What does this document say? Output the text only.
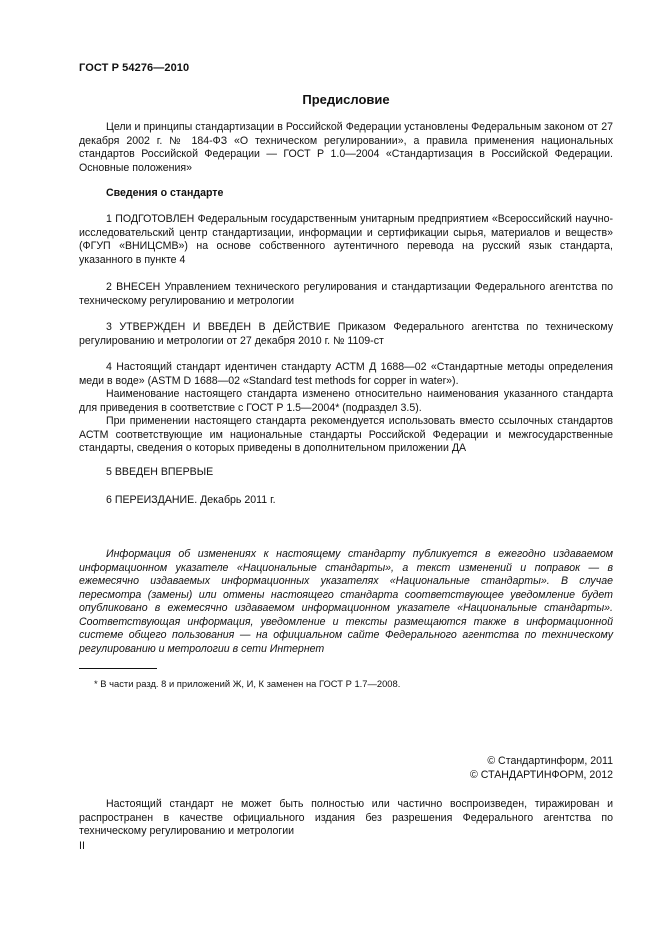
ГОСТ Р 54276—2010
Предисловие

Цели и принципы стандартизации в Российской Федерации установлены Федеральным законом от 27 декабря 2002 г. № 184-ФЗ «О техническом регулировании», а правила применения национальных стандартов Российской Федерации — ГОСТ Р 1.0—2004 «Стандартизация в Российской Федерации. Основные положения»

Сведения о стандарте

1 ПОДГОТОВЛЕН Федеральным государственным унитарным предприятием «Всероссийский научно-исследовательский центр стандартизации, информации и сертификации сырья, материалов и веществ» (ФГУП «ВНИЦСМВ») на основе собственного аутентичного перевода на русский язык стандарта, указанного в пункте 4

2 ВНЕСЕН Управлением технического регулирования и стандартизации Федерального агентства по техническому регулированию и метрологии

3 УТВЕРЖДЕН И ВВЕДЕН В ДЕЙСТВИЕ Приказом Федерального агентства по техническому регулированию и метрологии от 27 декабря 2010 г. № 1109-ст

4 Настоящий стандарт идентичен стандарту АСТМ Д 1688—02 «Стандартные методы определения меди в воде» (ASTM D 1688—02 «Standard test methods for copper in water»).

Наименование настоящего стандарта изменено относительно наименования указанного стандарта для приведения в соответствие с ГОСТ Р 1.5—2004* (подраздел 3.5).

При применении настоящего стандарта рекомендуется использовать вместо ссылочных стандартов АСТМ соответствующие им национальные стандарты Российской Федерации и межгосударственные стандарты, сведения о которых приведены в дополнительном приложении ДА

5 ВВЕДЕН ВПЕРВЫЕ

6 ПЕРЕИЗДАНИЕ. Декабрь 2011 г.

Информация об изменениях к настоящему стандарту публикуется в ежегодно издаваемом информационном указателе «Национальные стандарты», а текст изменений и поправок — в ежемесячно издаваемых информационных указателях «Национальные стандарты». В случае пересмотра (замены) или отмены настоящего стандарта соответствующее уведомление будет опубликовано в ежемесячно издаваемом информационном указателе «Национальные стандарты». Соответствующая информация, уведомление и тексты размещаются также в информационной системе общего пользования — на официальном сайте Федерального агентства по техническому регулированию и метрологии в сети Интернет

* В части разд. 8 и приложений Ж, И, К заменен на ГОСТ Р 1.7—2008.
© Стандартинформ, 2011
© СТАНДАРТИНФОРМ, 2012

Настоящий стандарт не может быть полностью или частично воспроизведен, тиражирован и распространен в качестве официального издания без разрешения Федерального агентства по техническому регулированию и метрологии

II
